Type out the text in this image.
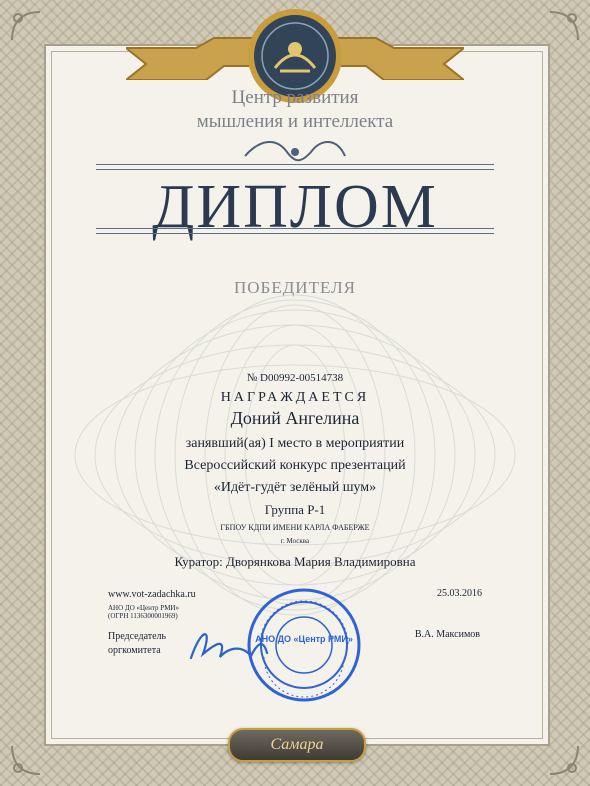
Центр развития
мышления и интеллекта
ДИПЛОМ
ПОБЕДИТЕЛЯ
№ D00992-00514738
НАГРАЖДАЕТСЯ
Доний Ангелина
занявший(ая) I место в мероприятии
Всероссийский конкурс презентаций
«Идёт-гудёт зелёный шум»
Группа Р-1
ГБПОУ КДПИ ИМЕНИ КАРЛА ФАБЕРЖЕ
г. Москва
Куратор: Дворянкова Мария Владимировна
www.vot-zadachka.ru
АНО ДО «Центр РМИ»
(ОГРН 1136300001969)
25.03.2016
Председатель
оргкомитета
В.А. Максимов
АНО ДО «Центр РМИ»
Самара
